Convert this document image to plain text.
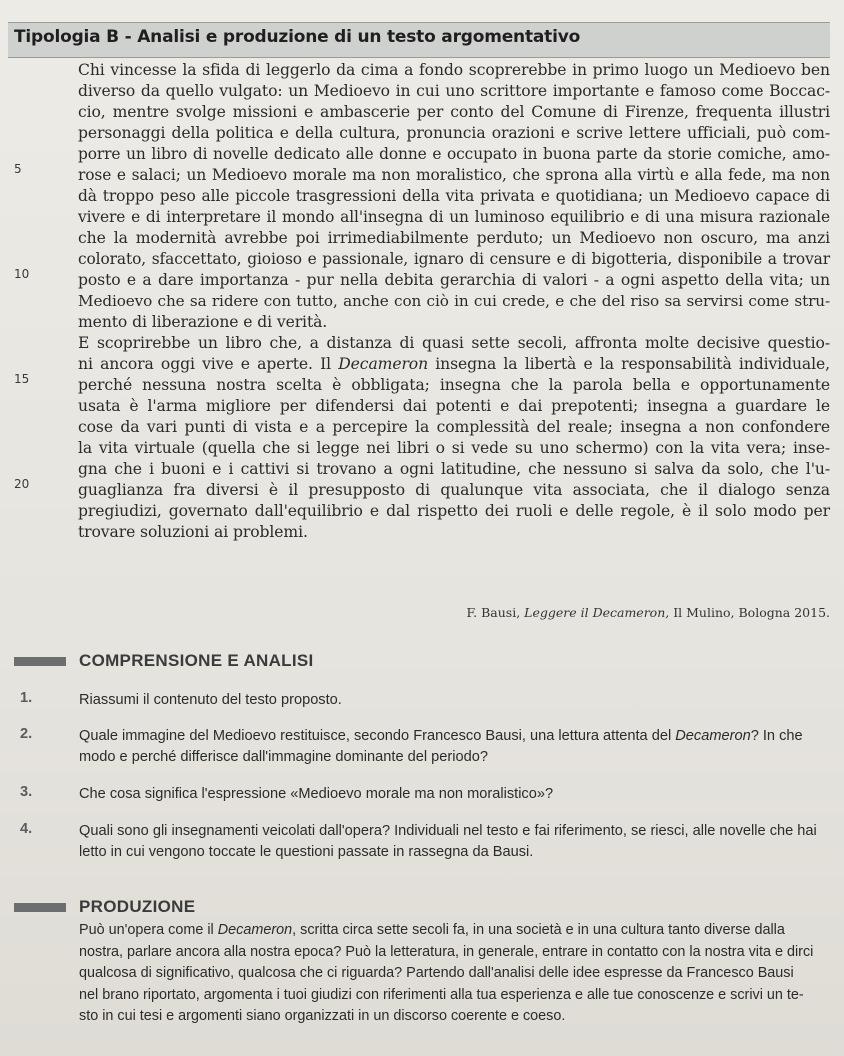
Tipologia B - Analisi e produzione di un testo argomentativo
Chi vincesse la sfida di leggerlo da cima a fondo scoprerebbe in primo luogo un Medioevo ben
diverso da quello vulgato: un Medioevo in cui uno scrittore importante e famoso come Boccac-
cio, mentre svolge missioni e ambascerie per conto del Comune di Firenze, frequenta illustri
personaggi della politica e della cultura, pronuncia orazioni e scrive lettere ufficiali, può com-
porre un libro di novelle dedicato alle donne e occupato in buona parte da storie comiche, amo-
rose e salaci; un Medioevo morale ma non moralistico, che sprona alla virtù e alla fede, ma non
dà troppo peso alle piccole trasgressioni della vita privata e quotidiana; un Medioevo capace di
vivere e di interpretare il mondo all'insegna di un luminoso equilibrio e di una misura razionale
che la modernità avrebbe poi irrimediabilmente perduto; un Medioevo non oscuro, ma anzi
colorato, sfaccettato, gioioso e passionale, ignaro di censure e di bigotteria, disponibile a trovar
posto e a dare importanza - pur nella debita gerarchia di valori - a ogni aspetto della vita; un
Medioevo che sa ridere con tutto, anche con ciò in cui crede, e che del riso sa servirsi come stru-
mento di liberazione e di verità.
E scoprirebbe un libro che, a distanza di quasi sette secoli, affronta molte decisive questio-
ni ancora oggi vive e aperte. Il Decameron insegna la libertà e la responsabilità individuale,
perché nessuna nostra scelta è obbligata; insegna che la parola bella e opportunamente
usata è l'arma migliore per difendersi dai potenti e dai prepotenti; insegna a guardare le
cose da vari punti di vista e a percepire la complessità del reale; insegna a non confondere
la vita virtuale (quella che si legge nei libri o si vede su uno schermo) con la vita vera; inse-
gna che i buoni e i cattivi si trovano a ogni latitudine, che nessuno si salva da solo, che l'u-
guaglianza fra diversi è il presupposto di qualunque vita associata, che il dialogo senza
pregiudizi, governato dall'equilibrio e dal rispetto dei ruoli e delle regole, è il solo modo per
trovare soluzioni ai problemi.
5
10
15
20
F. Bausi, Leggere il Decameron, Il Mulino, Bologna 2015.
COMPRENSIONE E ANALISI
1.	Riassumi il contenuto del testo proposto.
2.	Quale immagine del Medioevo restituisce, secondo Francesco Bausi, una lettura attenta del Decameron? In che
modo e perché differisce dall'immagine dominante del periodo?
3.	Che cosa significa l'espressione «Medioevo morale ma non moralistico»?
4.	Quali sono gli insegnamenti veicolati dall'opera? Individuali nel testo e fai riferimento, se riesci, alle novelle che hai
letto in cui vengono toccate le questioni passate in rassegna da Bausi.
PRODUZIONE
Può un'opera come il Decameron, scritta circa sette secoli fa, in una società e in una cultura tanto diverse dalla
nostra, parlare ancora alla nostra epoca? Può la letteratura, in generale, entrare in contatto con la nostra vita e dirci
qualcosa di significativo, qualcosa che ci riguarda? Partendo dall'analisi delle idee espresse da Francesco Bausi
nel brano riportato, argomenta i tuoi giudizi con riferimenti alla tua esperienza e alle tue conoscenze e scrivi un te-
sto in cui tesi e argomenti siano organizzati in un discorso coerente e coeso.
